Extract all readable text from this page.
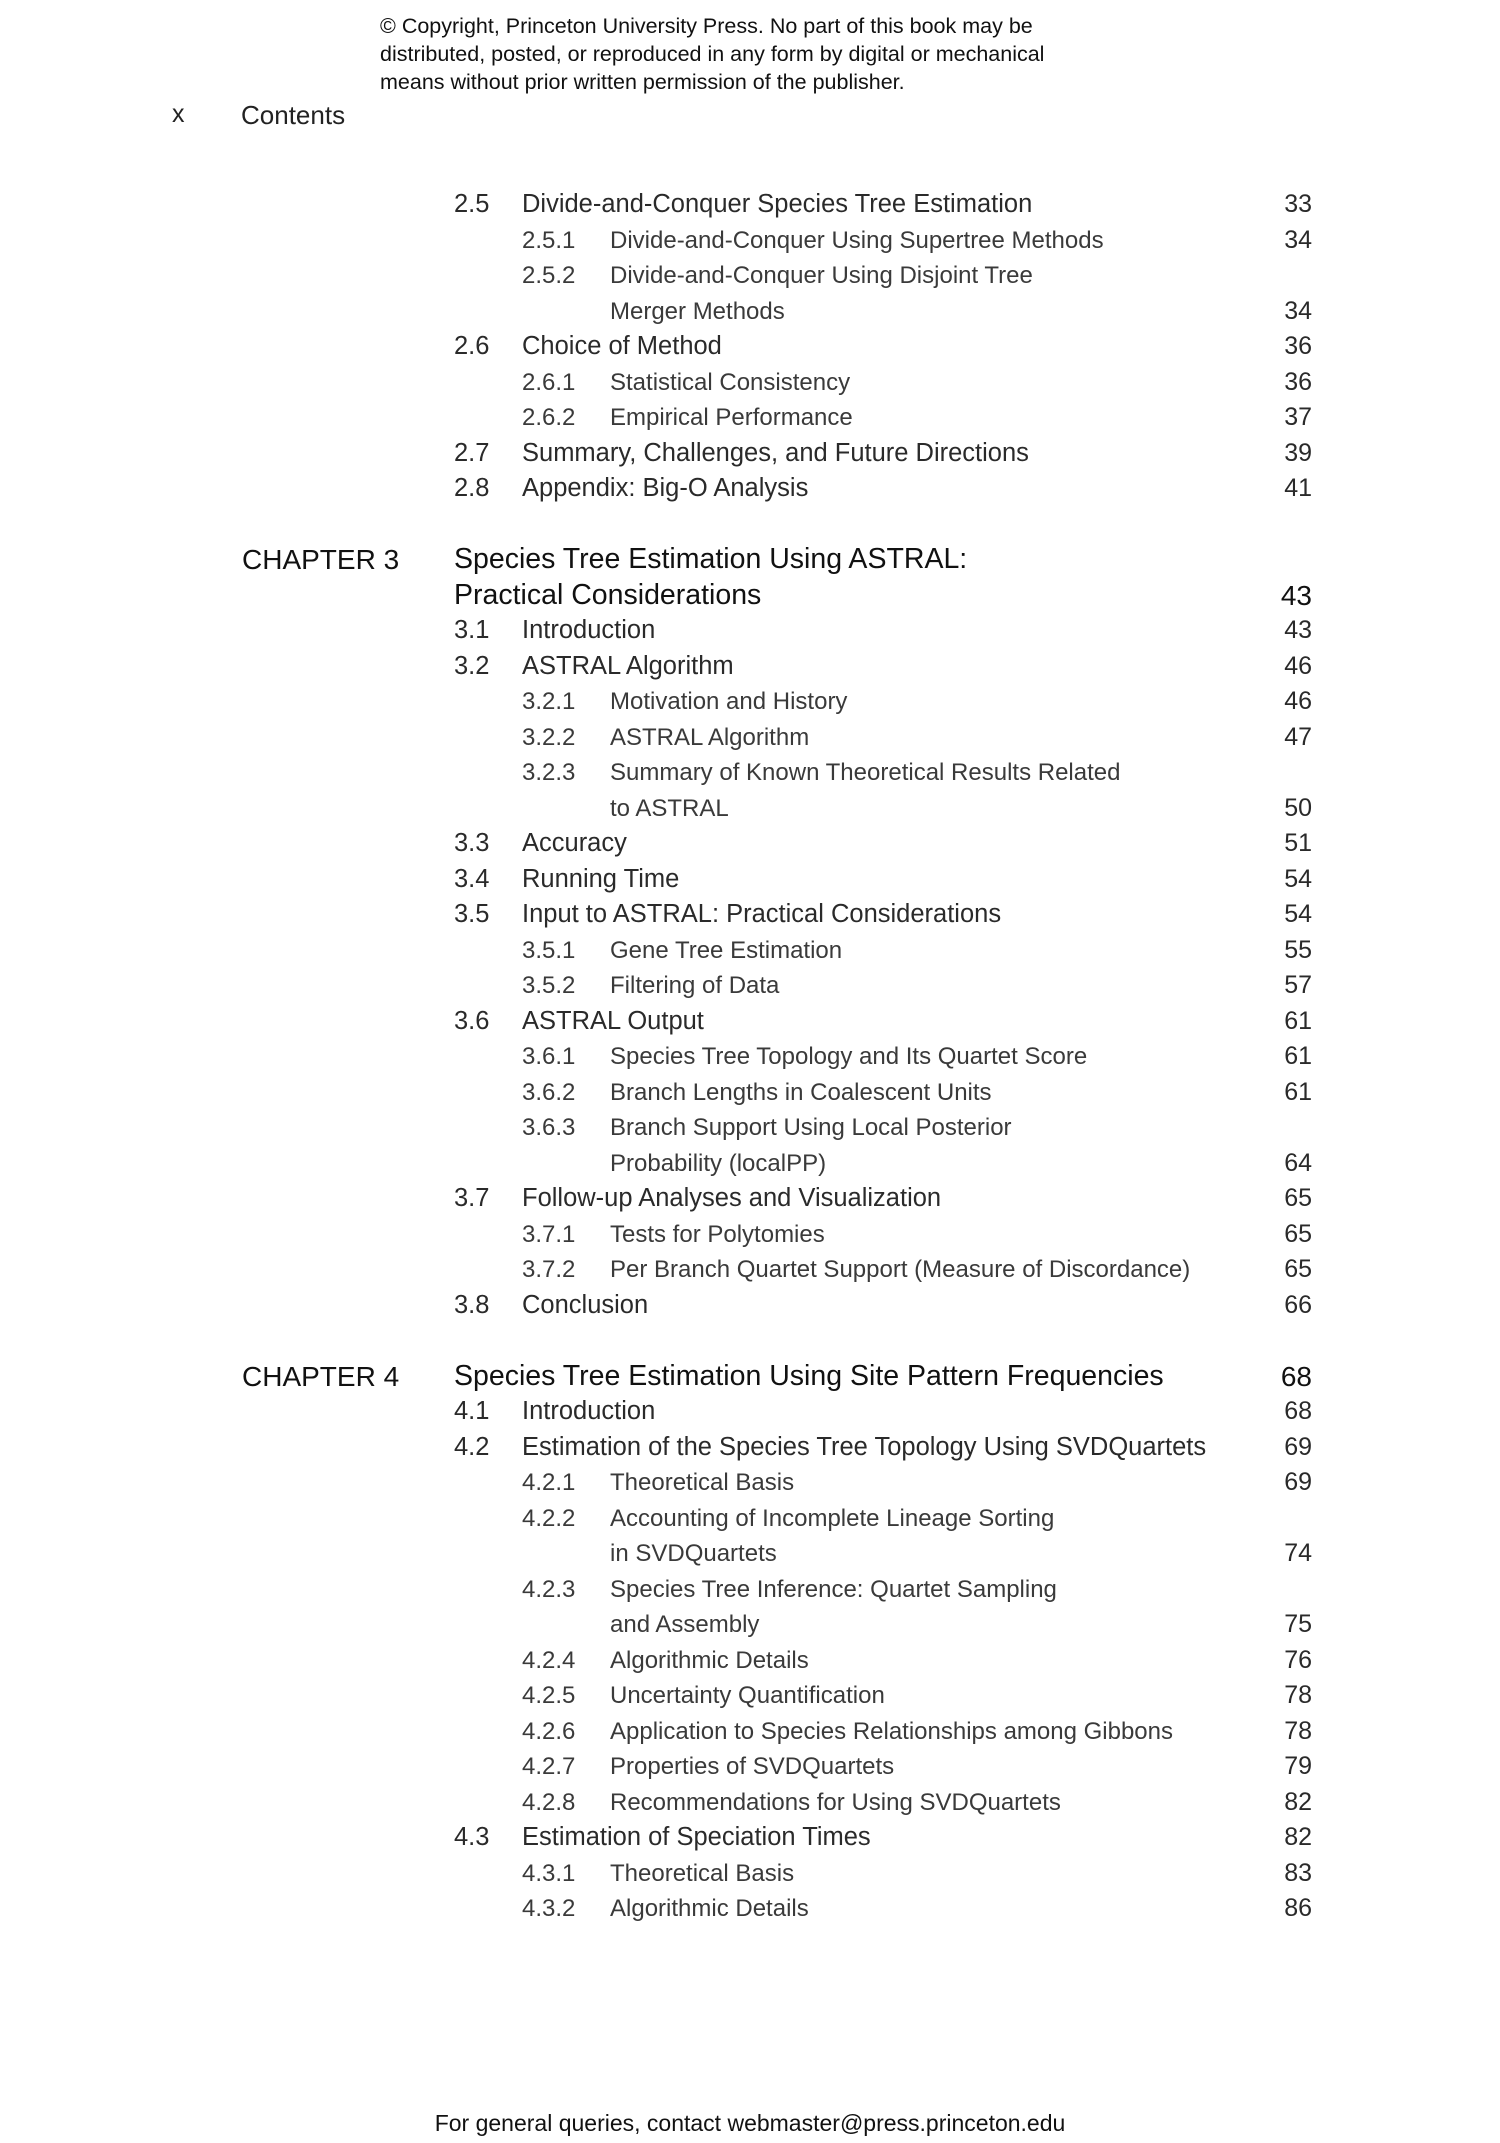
© Copyright, Princeton University Press. No part of this book may be
distributed, posted, or reproduced in any form by digital or mechanical
means without prior written permission of the publisher.
x Contents
2.5 Divide-and-Conquer Species Tree Estimation	33
2.5.1 Divide-and-Conquer Using Supertree Methods	34
2.5.2 Divide-and-Conquer Using Disjoint Tree
Merger Methods	34
2.6 Choice of Method	36
2.6.1 Statistical Consistency	36
2.6.2 Empirical Performance	37
2.7 Summary, Challenges, and Future Directions	39
2.8 Appendix: Big-O Analysis	41
CHAPTER 3 Species Tree Estimation Using ASTRAL:
Practical Considerations	43
3.1 Introduction	43
3.2 ASTRAL Algorithm	46
3.2.1 Motivation and History	46
3.2.2 ASTRAL Algorithm	47
3.2.3 Summary of Known Theoretical Results Related
to ASTRAL	50
3.3 Accuracy	51
3.4 Running Time	54
3.5 Input to ASTRAL: Practical Considerations	54
3.5.1 Gene Tree Estimation	55
3.5.2 Filtering of Data	57
3.6 ASTRAL Output	61
3.6.1 Species Tree Topology and Its Quartet Score	61
3.6.2 Branch Lengths in Coalescent Units	61
3.6.3 Branch Support Using Local Posterior
Probability (localPP)	64
3.7 Follow-up Analyses and Visualization	65
3.7.1 Tests for Polytomies	65
3.7.2 Per Branch Quartet Support (Measure of Discordance)	65
3.8 Conclusion	66
CHAPTER 4 Species Tree Estimation Using Site Pattern Frequencies	68
4.1 Introduction	68
4.2 Estimation of the Species Tree Topology Using SVDQuartets	69
4.2.1 Theoretical Basis	69
4.2.2 Accounting of Incomplete Lineage Sorting
in SVDQuartets	74
4.2.3 Species Tree Inference: Quartet Sampling
and Assembly	75
4.2.4 Algorithmic Details	76
4.2.5 Uncertainty Quantification	78
4.2.6 Application to Species Relationships among Gibbons	78
4.2.7 Properties of SVDQuartets	79
4.2.8 Recommendations for Using SVDQuartets	82
4.3 Estimation of Speciation Times	82
4.3.1 Theoretical Basis	83
4.3.2 Algorithmic Details	86
For general queries, contact webmaster@press.princeton.edu
